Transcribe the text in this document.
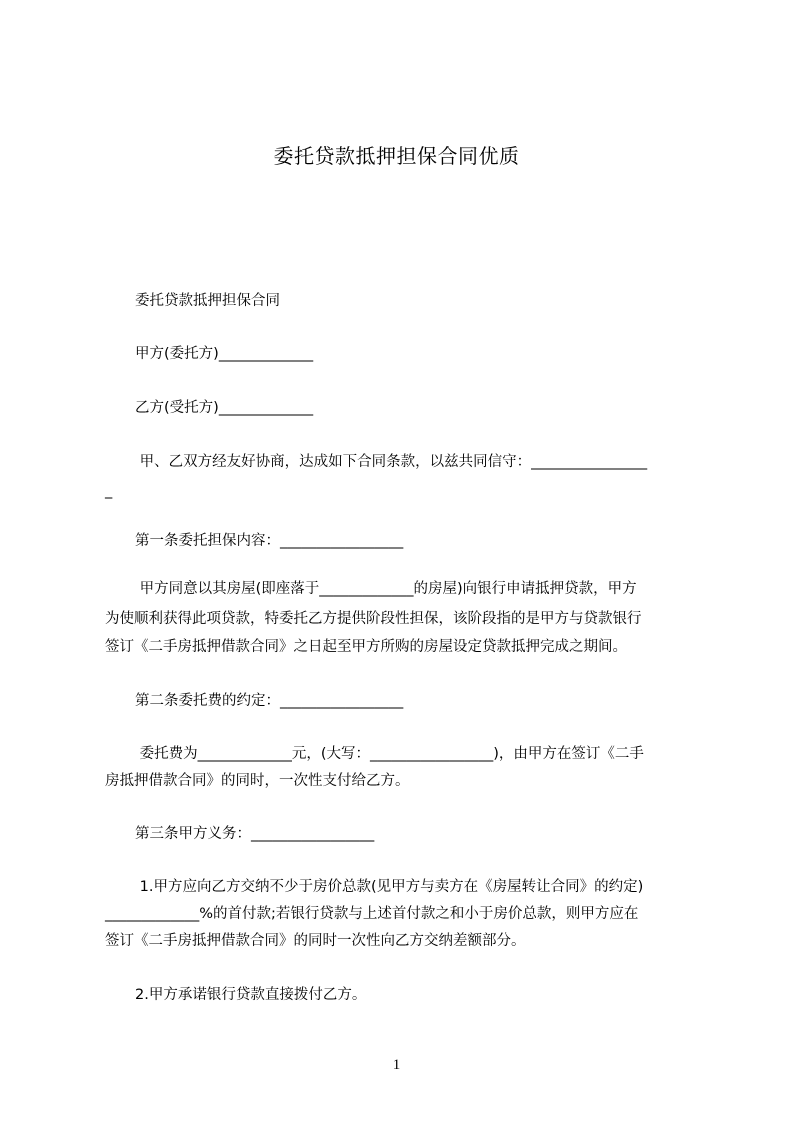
委托贷款抵押担保合同优质

委托贷款抵押担保合同

甲方(委托方)_____________

乙方(受托方)_____________

甲、乙双方经友好协商，达成如下合同条款，以兹共同信守：________________

_

第一条委托担保内容：_________________

甲方同意以其房屋(即座落于_____________的房屋)向银行申请抵押贷款，甲方

为使顺利获得此项贷款，特委托乙方提供阶段性担保，该阶段指的是甲方与贷款银行

签订《二手房抵押借款合同》之日起至甲方所购的房屋设定贷款抵押完成之期间。

第二条委托费的约定：_________________

委托费为_____________元，(大写：_________________)，由甲方在签订《二手

房抵押借款合同》的同时，一次性支付给乙方。

第三条甲方义务：_________________

1.甲方应向乙方交纳不少于房价总款(见甲方与卖方在《房屋转让合同》的约定)

_____________%的首付款;若银行贷款与上述首付款之和小于房价总款，则甲方应在

签订《二手房抵押借款合同》的同时一次性向乙方交纳差额部分。

2.甲方承诺银行贷款直接拨付乙方。

1
